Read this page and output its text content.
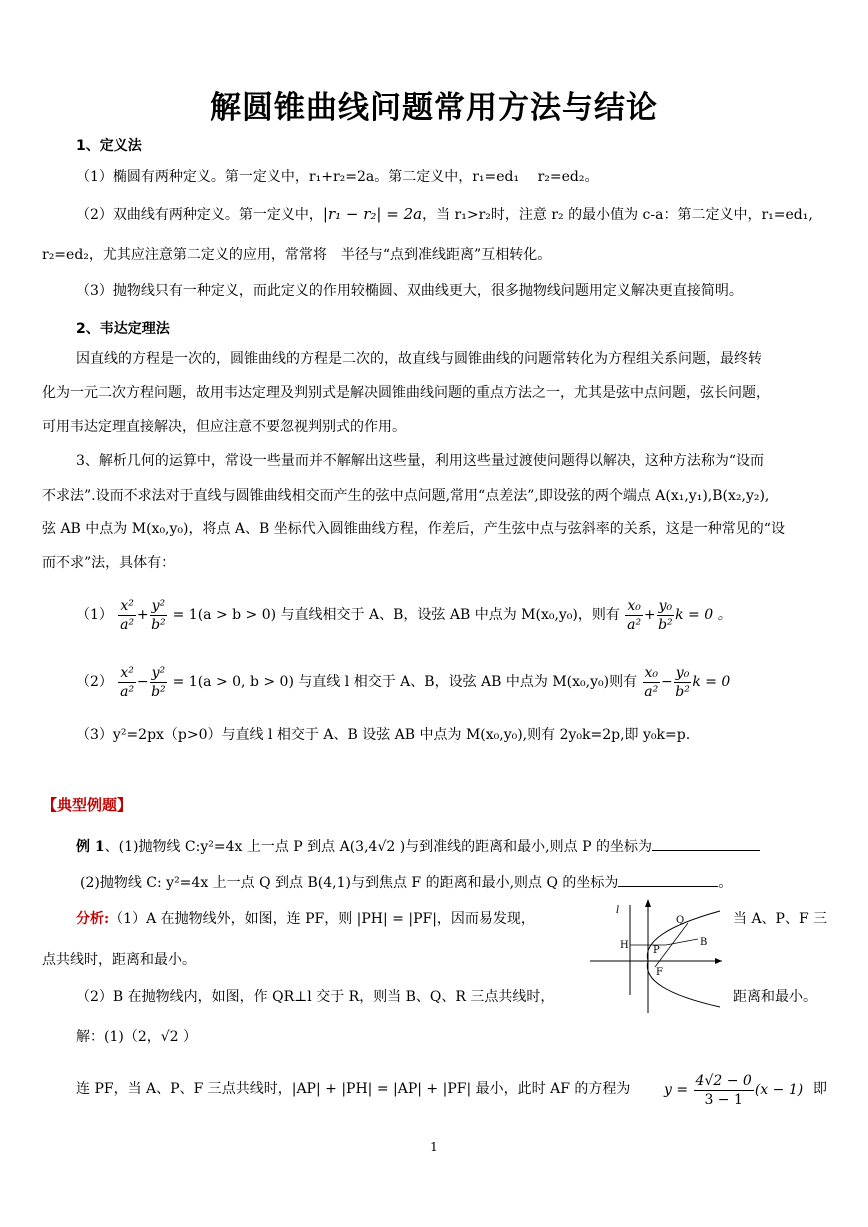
解圆锥曲线问题常用方法与结论
1、定义法
（1）椭圆有两种定义。第一定义中，r₁+r₂=2a。第二定义中，r₁=ed₁　 r₂=ed₂。
（2）双曲线有两种定义。第一定义中，|r₁ − r₂| = 2a，当 r₁>r₂时，注意 r₂ 的最小值为 c-a：第二定义中，r₁=ed₁,
r₂=ed₂，尤其应注意第二定义的应用，常常将　半径与“点到准线距离”互相转化。
（3）抛物线只有一种定义，而此定义的作用较椭圆、双曲线更大，很多抛物线问题用定义解决更直接简明。
2、韦达定理法
因直线的方程是一次的，圆锥曲线的方程是二次的，故直线与圆锥曲线的问题常转化为方程组关系问题，最终转
化为一元二次方程问题，故用韦达定理及判别式是解决圆锥曲线问题的重点方法之一，尤其是弦中点问题，弦长问题，
可用韦达定理直接解决，但应注意不要忽视判别式的作用。
3、解析几何的运算中，常设一些量而并不解解出这些量，利用这些量过渡使问题得以解决，这种方法称为“设而
不求法”.设而不求法对于直线与圆锥曲线相交而产生的弦中点问题,常用“点差法”,即设弦的两个端点 A(x₁,y₁),B(x₂,y₂),
弦 AB 中点为 M(x₀,y₀)，将点 A、B 坐标代入圆锥曲线方程，作差后，产生弦中点与弦斜率的关系，这是一种常见的“设
而不求”法，具体有：
$(1) \frac{\text{x²}}{\text{a²}} + \frac{\text{y²}}{\text{b²}} = 1(a > b > 0)$ 与直线相交于 A、B，设弦 AB 中点为 M(x₀,y₀)，则有 $\frac{\text{x₀}}{\text{a²}} + \frac{\text{y₀}}{\text{b²}}$ k = 0 。
$(2) \frac{\text{x²}}{\text{a²}} - \frac{\text{y²}}{\text{b²}} = 1(a > 0$, b > 0) 与直线 l 相交于 A、B，设弦 AB 中点为 M(x₀,y₀)则有 $\frac{\text{x₀}}{\text{a²}} - \frac{\text{y₀}}{\text{b²}}$ k = 0
（3）y²=2px（p>0）与直线 l 相交于 A、B 设弦 AB 中点为 M(x₀,y₀),则有 2y₀k=2p,即 y₀k=p.
【典型例题】
例 1、(1)抛物线 C:y²=4x 上一点 P 到点 A(3,4√2 )与到准线的距离和最小,则点 P 的坐标为
(2)抛物线 C: y²=4x 上一点 Q 到点 B(4,1)与到焦点 F 的距离和最小,则点 Q 的坐标为	。
分析:（1）A 在抛物线外，如图，连 PF，则 |PH| = |PF|，因而易发现，	当 A、P、F 三
点共线时，距离和最小。
（2）B 在抛物线内，如图，作 QR⊥l 交于 R，则当 B、Q、R 三点共线时，	距离和最小。
l
Q
H P
B
F
解：(1)（2，√2 ）
连 PF，当 A、P、F 三点共线时，|AP| + |PH| = |AP| + |PF| 最小，此时 AF 的方程为 $y = \frac{4√2 - 0}{3 - 1} (x - 1)$ 即
1
